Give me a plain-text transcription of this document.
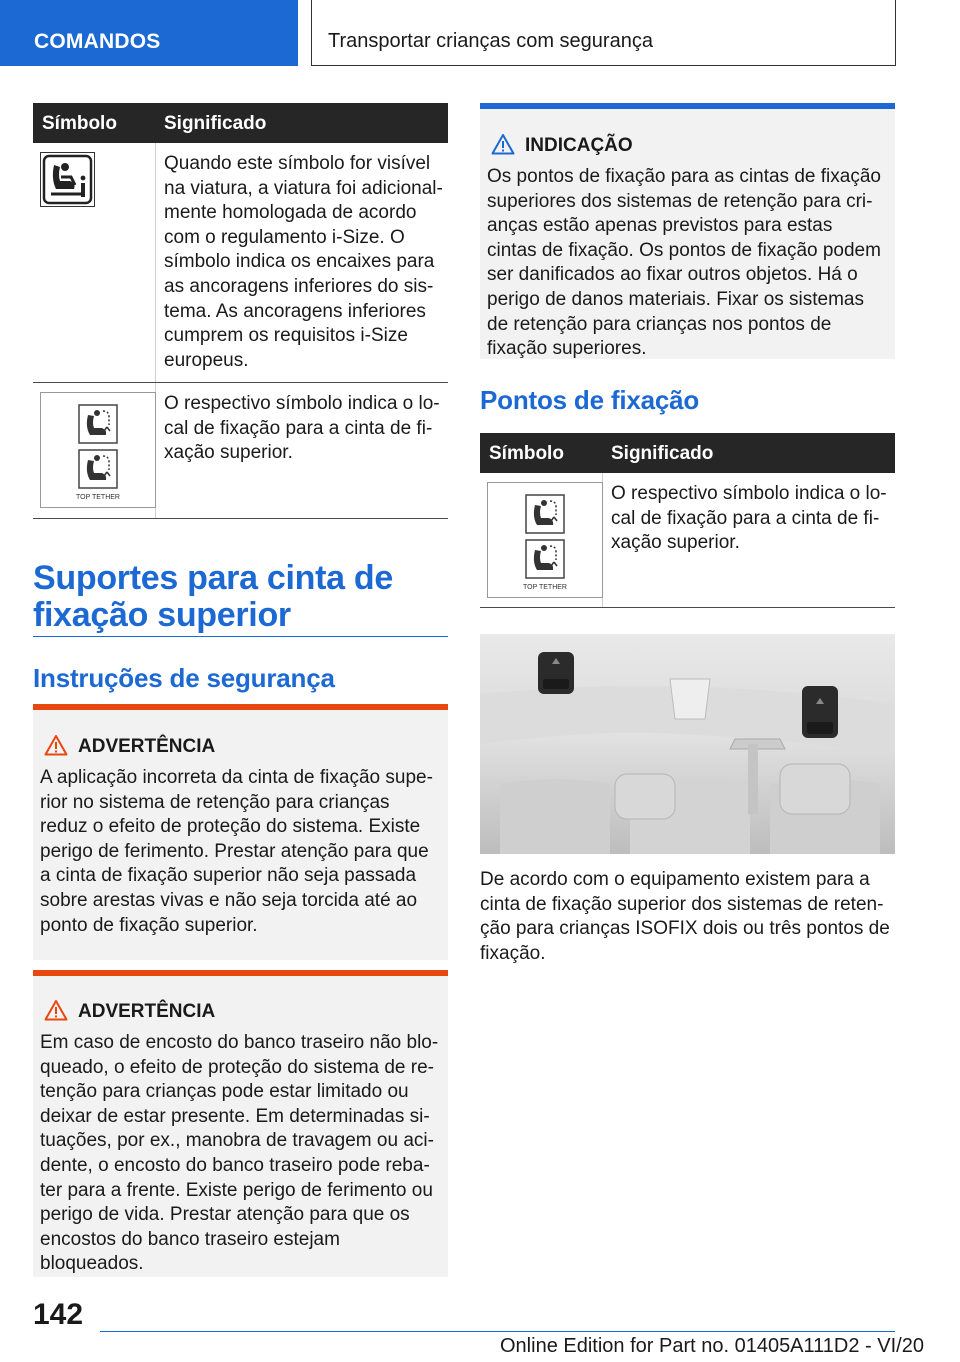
COMANDOS	Transportar crianças com segurança
Símbolo Significado
Quando este símbolo for visível na viatura, a viatura foi adicionalmente homologada de acordo com o regulamento i-Size. O símbolo indica os encaixes para as ancoragens inferiores do sistema. As ancoragens inferiores cumprem os requisitos i-Size europeus.
TOP TETHER
O respectivo símbolo indica o local de fixação para a cinta de fixação superior.
Suportes para cinta de fixação superior
Instruções de segurança
ADVERTÊNCIA
A aplicação incorreta da cinta de fixação superior no sistema de retenção para crianças reduz o efeito de proteção do sistema. Existe perigo de ferimento. Prestar atenção para que a cinta de fixação superior não seja passada sobre arestas vivas e não seja torcida até ao ponto de fixação superior.
ADVERTÊNCIA
Em caso de encosto do banco traseiro não bloqueado, o efeito de proteção do sistema de retenção para crianças pode estar limitado ou deixar de estar presente. Em determinadas situações, por ex., manobra de travagem ou acidente, o encosto do banco traseiro pode rebater para a frente. Existe perigo de ferimento ou perigo de vida. Prestar atenção para que os encostos do banco traseiro estejam bloqueados.
INDICAÇÃO
Os pontos de fixação para as cintas de fixação superiores dos sistemas de retenção para crianças estão apenas previstos para estas cintas de fixação. Os pontos de fixação podem ser danificados ao fixar outros objetos. Há o perigo de danos materiais. Fixar os sistemas de retenção para crianças nos pontos de fixação superiores.
Pontos de fixação
Símbolo Significado
TOP TETHER
O respectivo símbolo indica o local de fixação para a cinta de fixação superior.
De acordo com o equipamento existem para a cinta de fixação superior dos sistemas de retenção para crianças ISOFIX dois ou três pontos de fixação.
142
Online Edition for Part no. 01405A111D2 - VI/20
